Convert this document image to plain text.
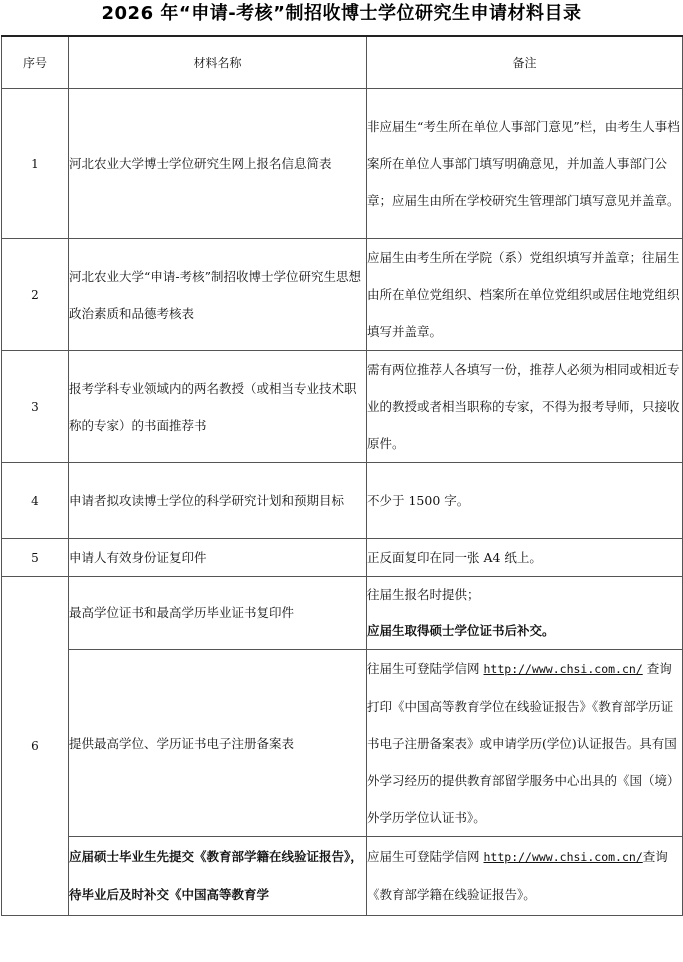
2026 年“申请-考核”制招收博士学位研究生申请材料目录
序号	材料名称	备注
1	河北农业大学博士学位研究生网上报名信息简表	非应届生“考生所在单位人事部门意见”栏，由考生人事档案所在单位人事部门填写明确意见，并加盖人事部门公章；应届生由所在学校研究生管理部门填写意见并盖章。
2	河北农业大学“申请-考核”制招收博士学位研究生思想政治素质和品德考核表	应届生由考生所在学院（系）党组织填写并盖章；往届生由所在单位党组织、档案所在单位党组织或居住地党组织填写并盖章。
3	报考学科专业领域内的两名教授（或相当专业技术职称的专家）的书面推荐书	需有两位推荐人各填写一份，推荐人必须为相同或相近专业的教授或者相当职称的专家，不得为报考导师，只接收原件。
4	申请者拟攻读博士学位的科学研究计划和预期目标	不少于 1500 字。
5	申请人有效身份证复印件	正反面复印在同一张 A4 纸上。
6	最高学位证书和最高学历毕业证书复印件	往届生报名时提供；
应届生取得硕士学位证书后补交。

	提供最高学位、学历证书电子注册备案表	往届生可登陆学信网 http://www.chsi.com.cn/ 查询打印《中国高等教育学位在线验证报告》《教育部学历证书电子注册备案表》或申请学历(学位)认证报告。具有国外学习经历的提供教育部留学服务中心出具的《国（境）外学历学位认证书》。
	应届硕士毕业生先提交《教育部学籍在线验证报告》，待毕业后及时补交《中国高等教育学	应届生可登陆学信网 http://www.chsi.com.cn/查询
《教育部学籍在线验证报告》。
